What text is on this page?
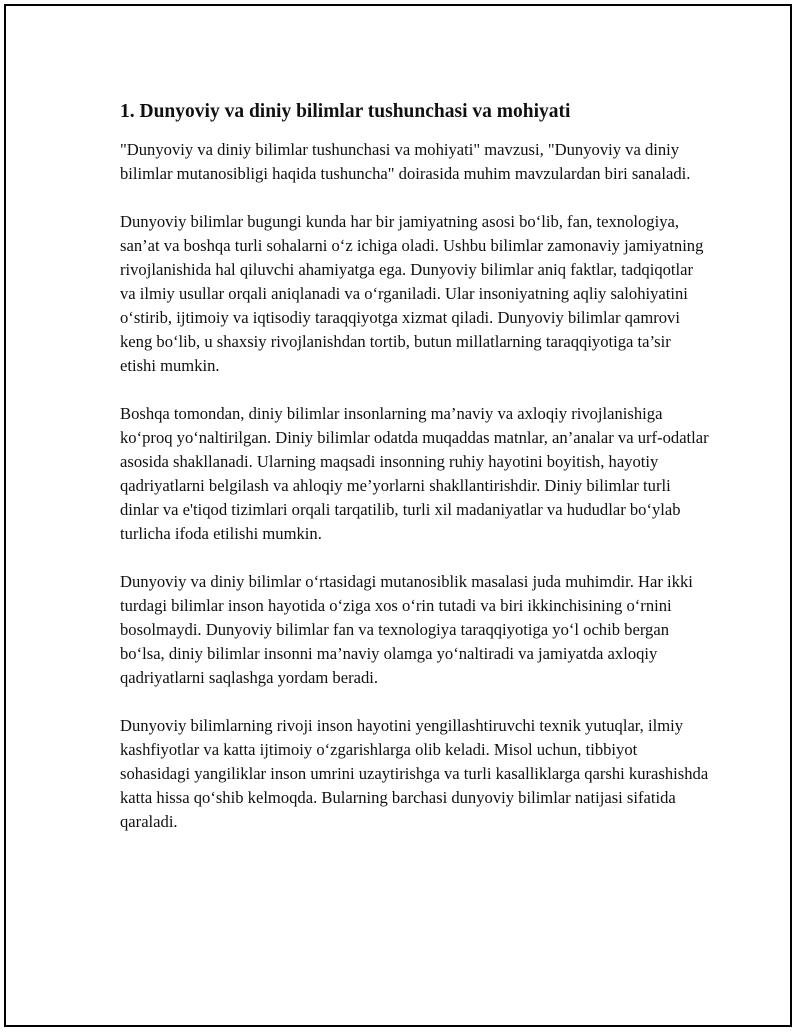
1. Dunyoviy va diniy bilimlar tushunchasi va mohiyati

"Dunyoviy va diniy bilimlar tushunchasi va mohiyati" mavzusi, "Dunyoviy va diniy bilimlar mutanosibligi haqida tushuncha" doirasida muhim mavzulardan biri sanaladi.

Dunyoviy bilimlar bugungi kunda har bir jamiyatning asosi bo‘lib, fan, texnologiya, san’at va boshqa turli sohalarni o‘z ichiga oladi. Ushbu bilimlar zamonaviy jamiyatning rivojlanishida hal qiluvchi ahamiyatga ega. Dunyoviy bilimlar aniq faktlar, tadqiqotlar va ilmiy usullar orqali aniqlanadi va o‘rganiladi. Ular insoniyatning aqliy salohiyatini o‘stirib, ijtimoiy va iqtisodiy taraqqiyotga xizmat qiladi. Dunyoviy bilimlar qamrovi keng bo‘lib, u shaxsiy rivojlanishdan tortib, butun millatlarning taraqqiyotiga ta’sir etishi mumkin.

Boshqa tomondan, diniy bilimlar insonlarning ma’naviy va axloqiy rivojlanishiga ko‘proq yo‘naltirilgan. Diniy bilimlar odatda muqaddas matnlar, an’analar va urf-odatlar asosida shakllanadi. Ularning maqsadi insonning ruhiy hayotini boyitish, hayotiy qadriyatlarni belgilash va ahloqiy me’yorlarni shakllantirishdir. Diniy bilimlar turli dinlar va e'tiqod tizimlari orqali tarqatilib, turli xil madaniyatlar va hududlar bo‘ylab turlicha ifoda etilishi mumkin.

Dunyoviy va diniy bilimlar o‘rtasidagi mutanosiblik masalasi juda muhimdir. Har ikki turdagi bilimlar inson hayotida o‘ziga xos o‘rin tutadi va biri ikkinchisining o‘rnini bosolmaydi. Dunyoviy bilimlar fan va texnologiya taraqqiyotiga yo‘l ochib bergan bo‘lsa, diniy bilimlar insonni ma’naviy olamga yo‘naltiradi va jamiyatda axloqiy qadriyatlarni saqlashga yordam beradi.

Dunyoviy bilimlarning rivoji inson hayotini yengillashtiruvchi texnik yutuqlar, ilmiy kashfiyotlar va katta ijtimoiy o‘zgarishlarga olib keladi. Misol uchun, tibbiyot sohasidagi yangiliklar inson umrini uzaytirishga va turli kasalliklarga qarshi kurashishda katta hissa qo‘shib kelmoqda. Bularning barchasi dunyoviy bilimlar natijasi sifatida qaraladi.
